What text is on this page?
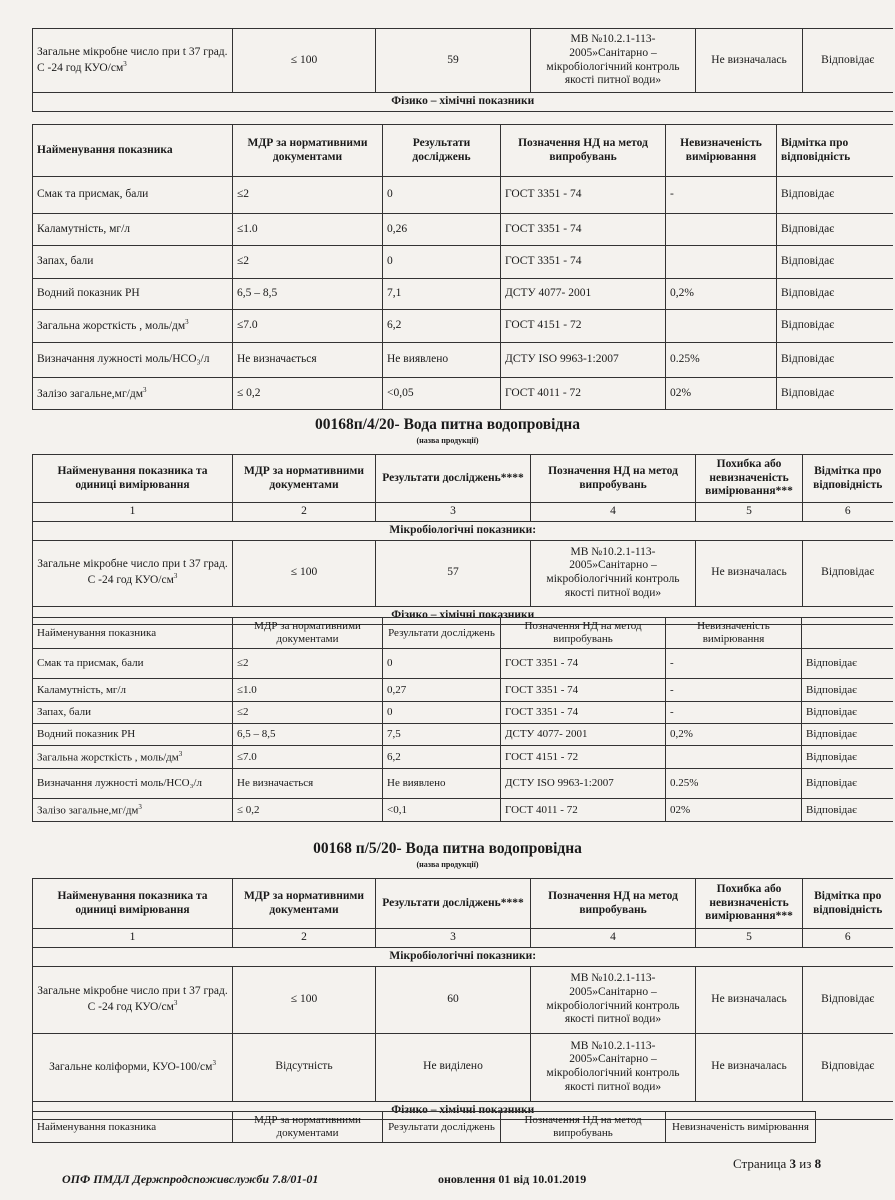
Загальне мікробне число при t 37 град. С -24 год КУО/$см^3$	≤ 100	59	МВ №10.2.1-113-2005»Санітарно – мікробіологічний контроль якості питної води»	Не визначалась	Відповідає
Фізико – хімічні показники
Найменування показника	МДР за нормативними документами	Результати досліджень	Позначення НД на метод випробувань	Невизначеність вимірювання	Відмітка про відповідність
Смак та присмак, бали	≤2	0	ГОСТ 3351 - 74	-	Відповідає
Каламутність, мг/л	≤1.0	0,26	ГОСТ 3351 - 74		Відповідає
Запах, бали	≤2	0	ГОСТ 3351 - 74		Відповідає
Водний показник РН	6,5 – 8,5	7,1	ДСТУ 4077- 2001	0,2%	Відповідає
Загальна жорсткість , моль/$дм^3$	≤7.0	6,2	ГОСТ 4151 - 72		Відповідає
Визначання лужності моль/НСО₃/л	Не визначається	Не виявлено	ДСТУ ISO 9963-1:2007	0.25%	Відповідає
Залізо $загальне,мг/дм^3$	≤ 0,2	<0,05	ГОСТ 4011 - 72	02%	Відповідає
00168п/4/20- Вода питна водопровідна
(назва продукції)
Найменування показника та одиниці вимірювання	МДР за нормативними документами	Результати досліджень****	Позначення НД на метод випробувань	Похибка або невизначеність вимірювання***	Відмітка про відповідність
1	2	3	4	5	6
Мікробіологічні показники:					
Загальне мікробне число при t 37 град. С -24 год КУО/$см^3$	≤ 100	57	МВ №10.2.1-113-2005»Санітарно – мікробіологічний контроль якості питної води»	Не визначалась	Відповідає
Фізико – хімічні показники					
Найменування показника	МДР за нормативними документами	Результати досліджень	Позначення НД на метод випробувань	Невизначеність вимірювання	
Смак та присмак, бали	≤2	0	ГОСТ 3351 - 74	-	Відповідає
Каламутність, мг/л	≤1.0	0,27	ГОСТ 3351 - 74	-	Відповідає
Запах, бали	≤2	0	ГОСТ 3351 - 74	-	Відповідає
Водний показник РН	6,5 – 8,5	7,5	ДСТУ 4077- 2001	0,2%	Відповідає
Загальна жорсткість , моль/$дм^3$	≤7.0	6,2	ГОСТ 4151 - 72		Відповідає
Визначання лужності моль/НСО₃/л	Не визначається	Не виявлено	ДСТУ ISO 9963-1:2007	0.25%	Відповідає
Залізо $загальне,мг/дм^3$	≤ 0,2	<0,1	ГОСТ 4011 - 72	02%	Відповідає
00168 п/5/20- Вода питна водопровідна
(назва продукції)
Найменування показника та одиниці вимірювання	МДР за нормативними документами	Результати досліджень****	Позначення НД на метод випробувань	Похибка або невизначеність вимірювання***	Відмітка про відповідність
1	2	3	4	5	6
Мікробіологічні показники:					
Загальне мікробне число при t 37 град. С -24 год КУО/$см^3$	≤ 100	60	МВ №10.2.1-113-2005»Санітарно – мікробіологічний контроль якості питної води»	Не визначалась	Відповідає
Загальне коліформи, КУО-$100/см^3$	Відсутність	Не виділено	МВ №10.2.1-113-2005»Санітарно – мікробіологічний контроль якості питної води»	Не визначалась	Відповідає
Фізико – хімічні показники					
Найменування показника	МДР за нормативними документами	Результати досліджень	Позначення НД на метод випробувань	Невизначеність вимірювання	
ОПФ ПМДЛ Держпродспоживслужби 7.8/01-01	оновлення 01 від 10.01.2019
Страница 3 из 8
